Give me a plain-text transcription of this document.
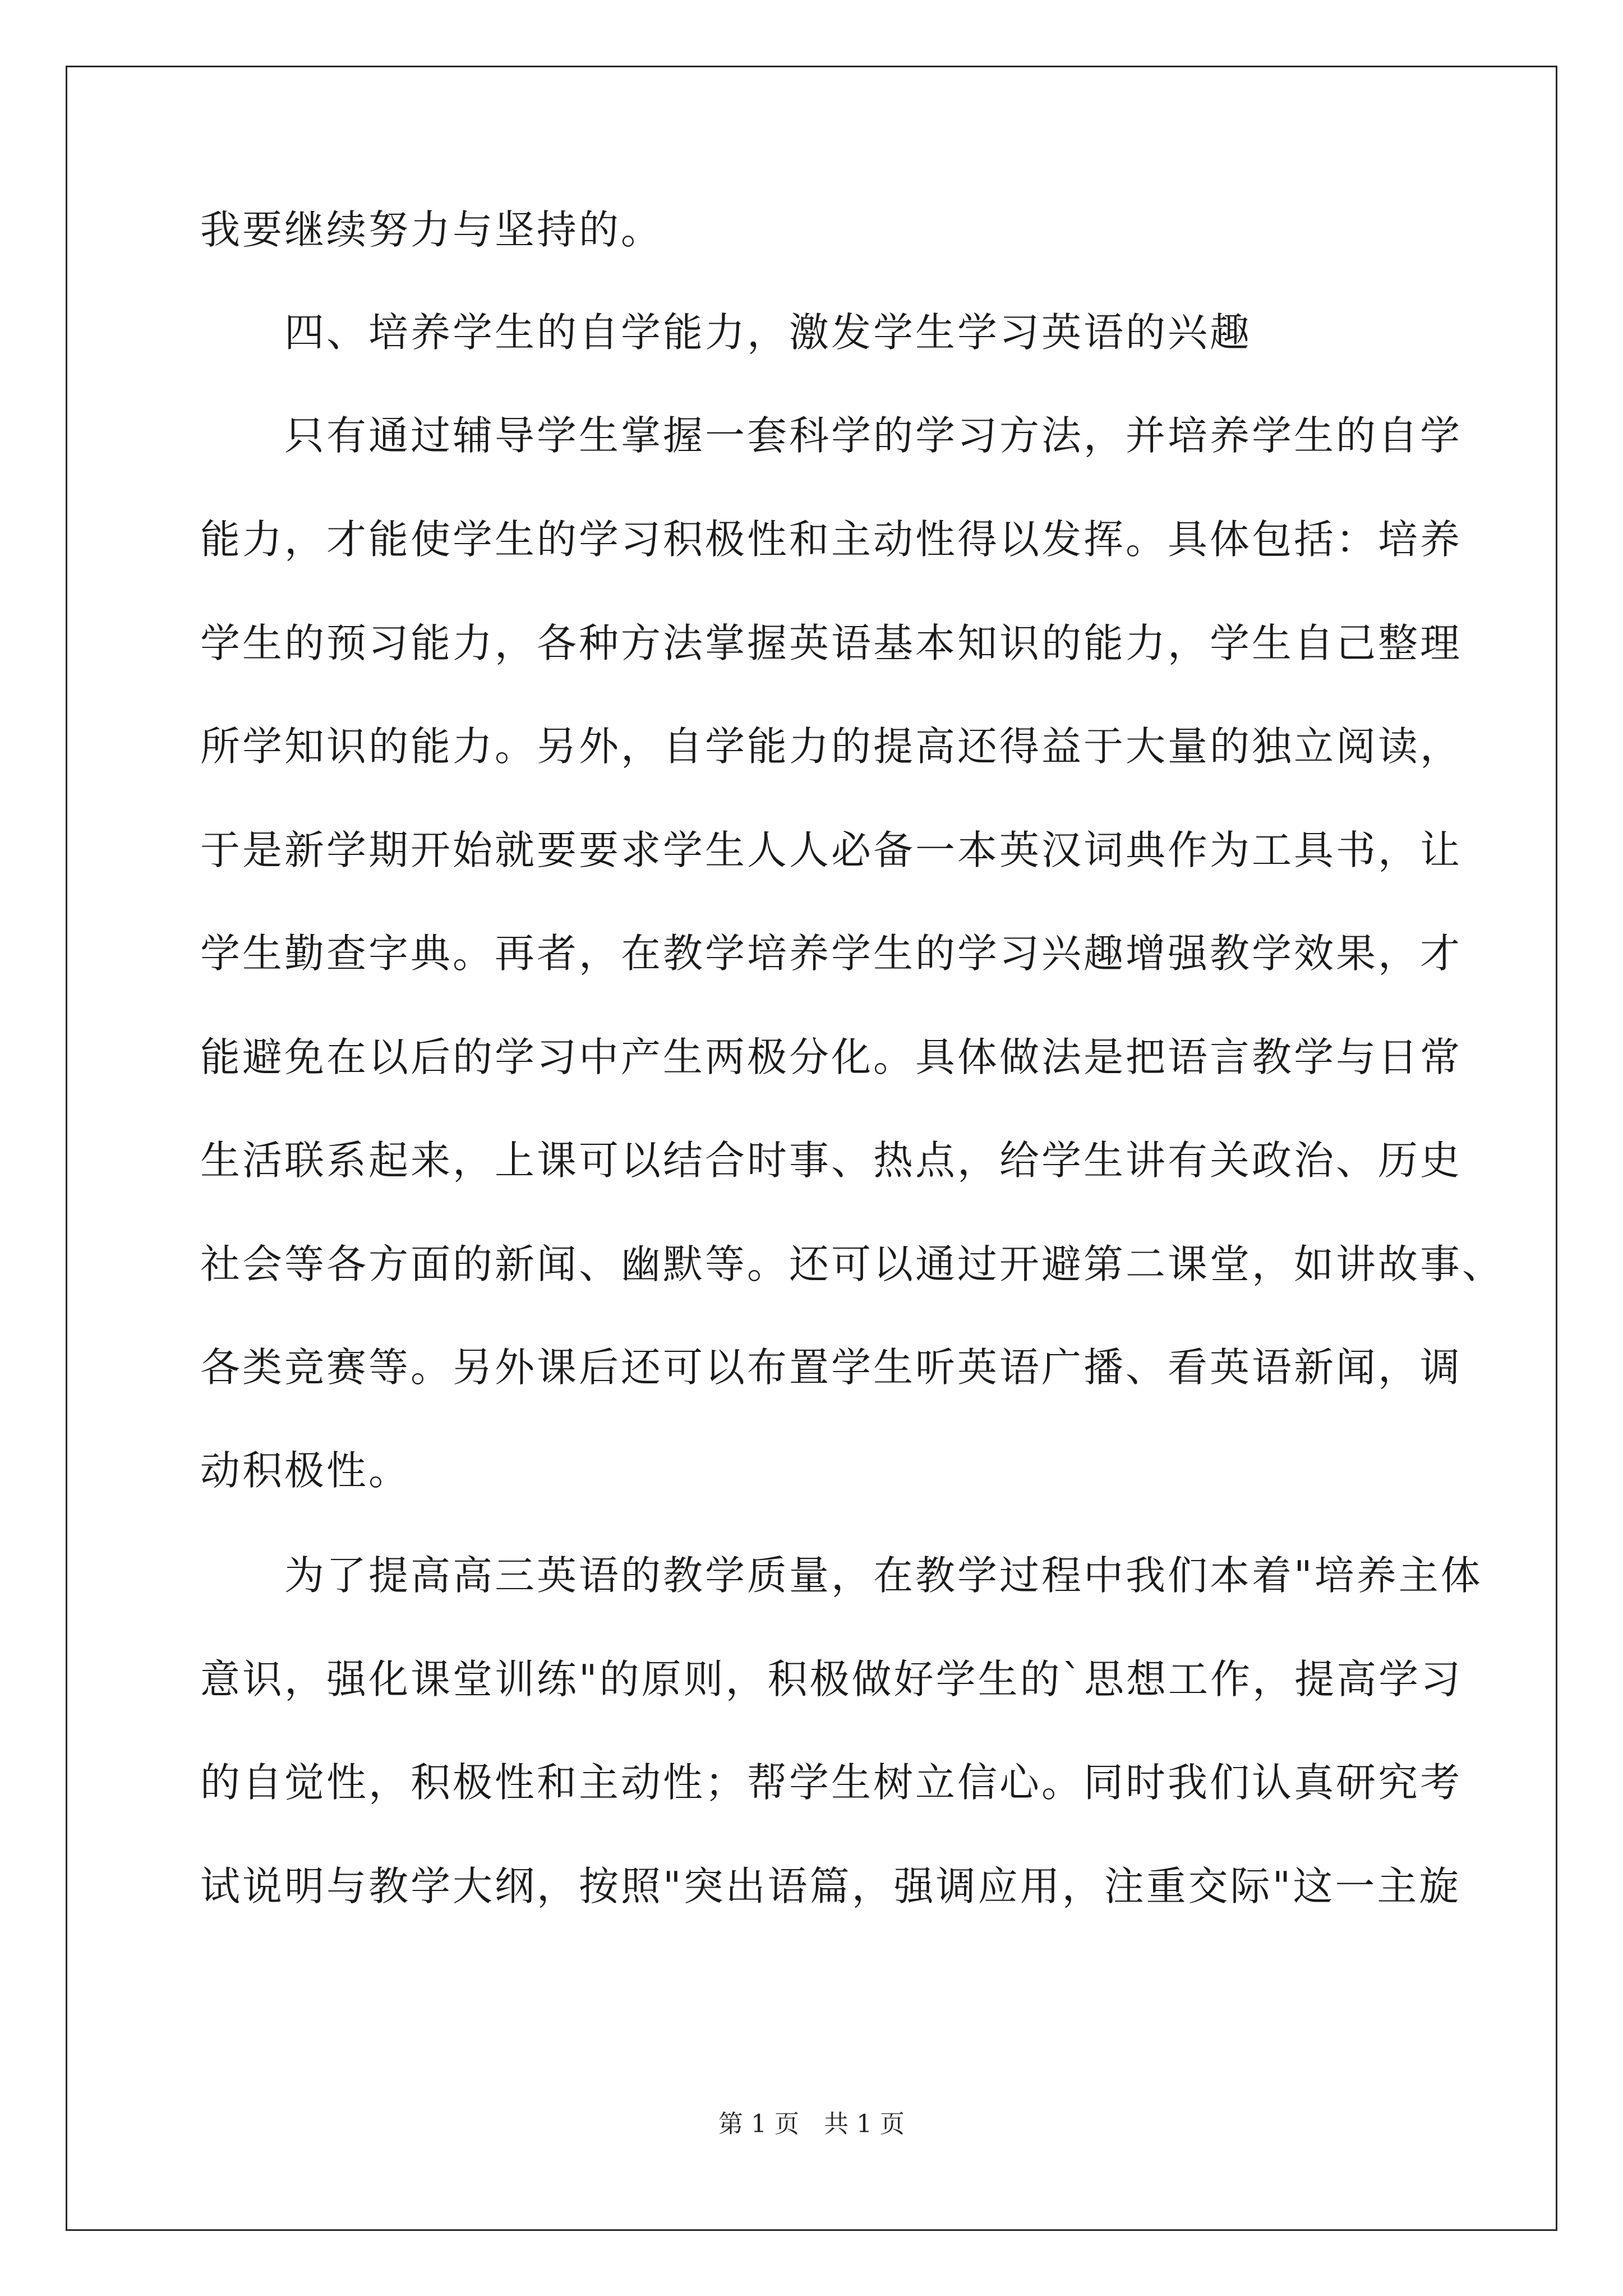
我要继续努力与坚持的。
四、培养学生的自学能力，激发学生学习英语的兴趣
只有通过辅导学生掌握一套科学的学习方法，并培养学生的自学
能力，才能使学生的学习积极性和主动性得以发挥。具体包括：培养
学生的预习能力，各种方法掌握英语基本知识的能力，学生自己整理
所学知识的能力。另外，自学能力的提高还得益于大量的独立阅读，
于是新学期开始就要要求学生人人必备一本英汉词典作为工具书，让
学生勤查字典。再者，在教学培养学生的学习兴趣增强教学效果，才
能避免在以后的学习中产生两极分化。具体做法是把语言教学与日常
生活联系起来，上课可以结合时事、热点，给学生讲有关政治、历史
社会等各方面的新闻、幽默等。还可以通过开避第二课堂，如讲故事、
各类竞赛等。另外课后还可以布置学生听英语广播、看英语新闻，调
动积极性。
为了提高高三英语的教学质量，在教学过程中我们本着"培养主体
意识，强化课堂训练"的原则，积极做好学生的`思想工作，提高学习
的自觉性，积极性和主动性；帮学生树立信心。同时我们认真研究考
试说明与教学大纲，按照"突出语篇，强调应用，注重交际"这一主旋
第 1 页　共 1 页
